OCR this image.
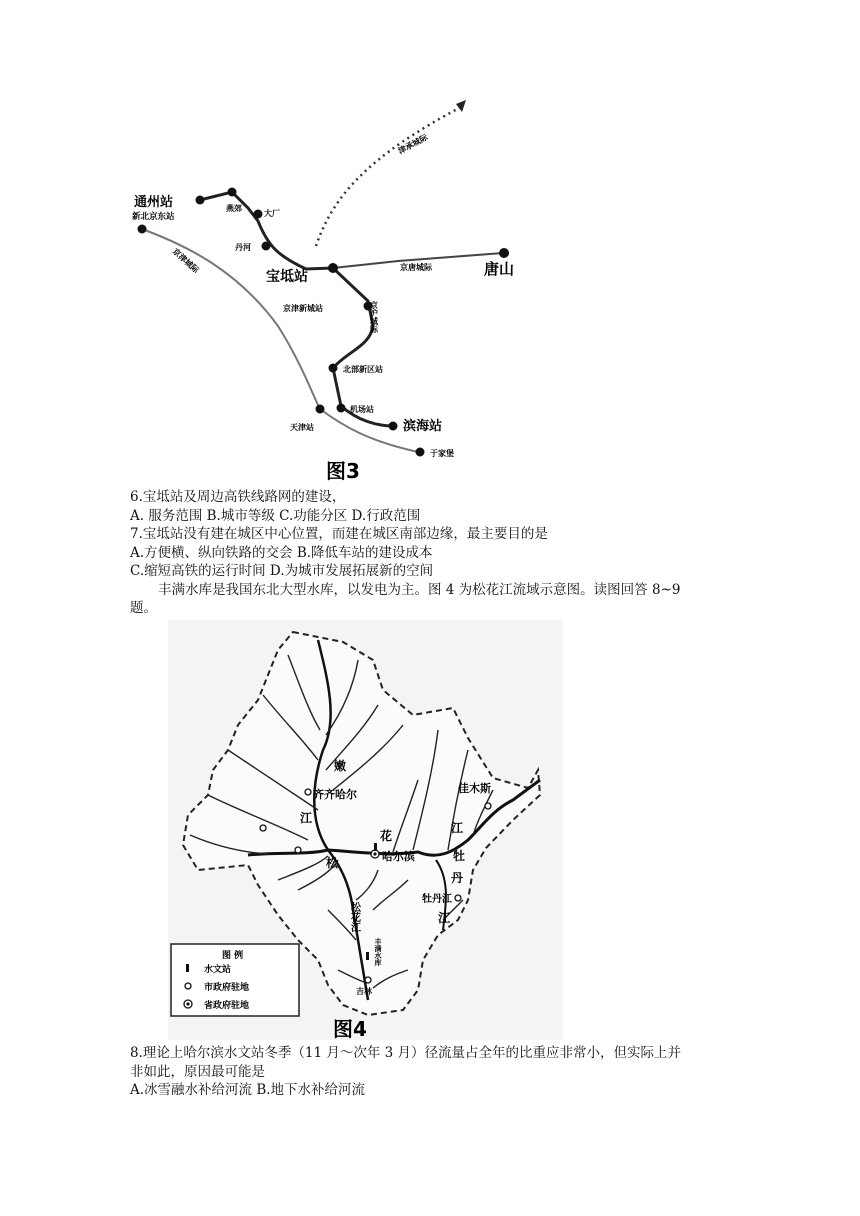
通州站
新北京东站
燕郊
大厂
丹河
宝坻站	唐山
京唐城际
京津新城站	京沪城际
北部新区站
机场站
滨海站
天津站
于家堡
京津城际
津承城际
图3
6.宝坻站及周边高铁线路网的建设，
A. 服务范围 B.城市等级 C.功能分区 D.行政范围
7.宝坻站没有建在城区中心位置，而建在城区南部边缘，最主要目的是
A.方便横、纵向铁路的交会 B.降低车站的建设成本
C.缩短高铁的运行时间 D.为城市发展拓展新的空间
丰满水库是我国东北大型水库，以发电为主。图 4 为松花江流域示意图。读图回答 8~9
题。
嫩
齐齐哈尔
江
松
花
哈尔滨
佳木斯
江
牡
丹
牡丹江
江
松花江
丰满水库
吉林
图 例
水文站
市政府驻地
省政府驻地
图4
8.理论上哈尔滨水文站冬季（11 月～次年 3 月）径流量占全年的比重应非常小，但实际上并
非如此，原因最可能是
A.冰雪融水补给河流 B.地下水补给河流
